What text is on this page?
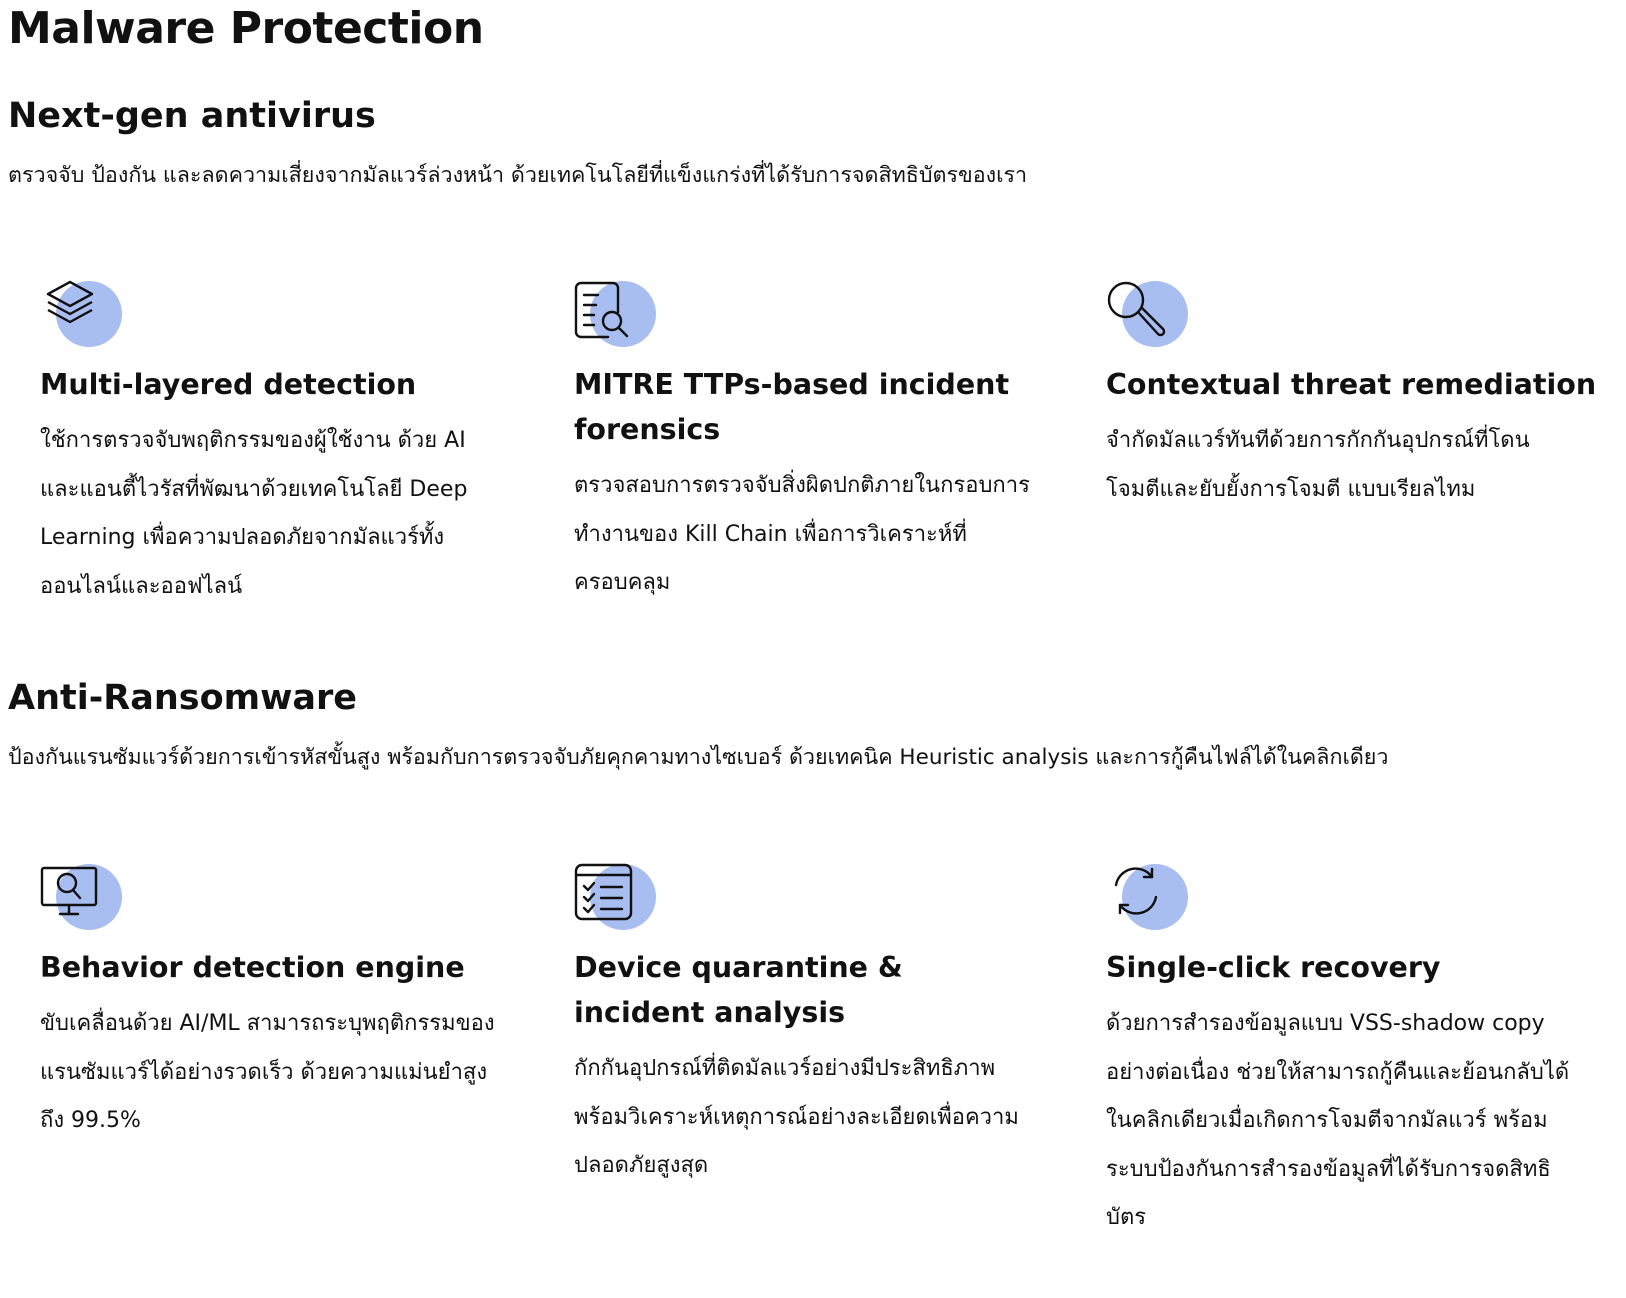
Malware Protection
Next-gen antivirus

ตรวจจับ ป้องกัน และลดความเสี่ยงจากมัลแวร์ล่วงหน้า ด้วยเทคโนโลยีที่แข็งแกร่งที่ได้รับการจดสิทธิบัตรของเรา

Multi-layered detection

ใช้การตรวจจับพฤติกรรมของผู้ใช้งาน ด้วย AI และแอนตี้ไวรัสที่พัฒนาด้วยเทคโนโลยี Deep Learning เพื่อความปลอดภัยจากมัลแวร์ทั้งออนไลน์และออฟไลน์

MITRE TTPs-based incident forensics

ตรวจสอบการตรวจจับสิ่งผิดปกติภายในกรอบการทำงานของ Kill Chain เพื่อการวิเคราะห์ที่ครอบคลุม

Contextual threat remediation

จำกัดมัลแวร์ทันทีด้วยการกักกันอุปกรณ์ที่โดนโจมตีและยับยั้งการโจมตี แบบเรียลไทม

Anti-Ransomware

ป้องกันแรนซัมแวร์ด้วยการเข้ารหัสขั้นสูง พร้อมกับการตรวจจับภัยคุกคามทางไซเบอร์ ด้วยเทคนิค Heuristic analysis และการกู้คืนไฟล์ได้ในคลิกเดียว

Behavior detection engine

ขับเคลื่อนด้วย AI/ML สามารถระบุพฤติกรรมของแรนซัมแวร์ได้อย่างรวดเร็ว ด้วยความแม่นยำสูงถึง 99.5%

Device quarantine & incident analysis

กักกันอุปกรณ์ที่ติดมัลแวร์อย่างมีประสิทธิภาพ พร้อมวิเคราะห์เหตุการณ์อย่างละเอียดเพื่อความปลอดภัยสูงสุด

Single-click recovery

ด้วยการสำรองข้อมูลแบบ VSS-shadow copy อย่างต่อเนื่อง ช่วยให้สามารถกู้คืนและย้อนกลับได้ในคลิกเดียวเมื่อเกิดการโจมตีจากมัลแวร์ พร้อมระบบป้องกันการสำรองข้อมูลที่ได้รับการจดสิทธิบัตร
